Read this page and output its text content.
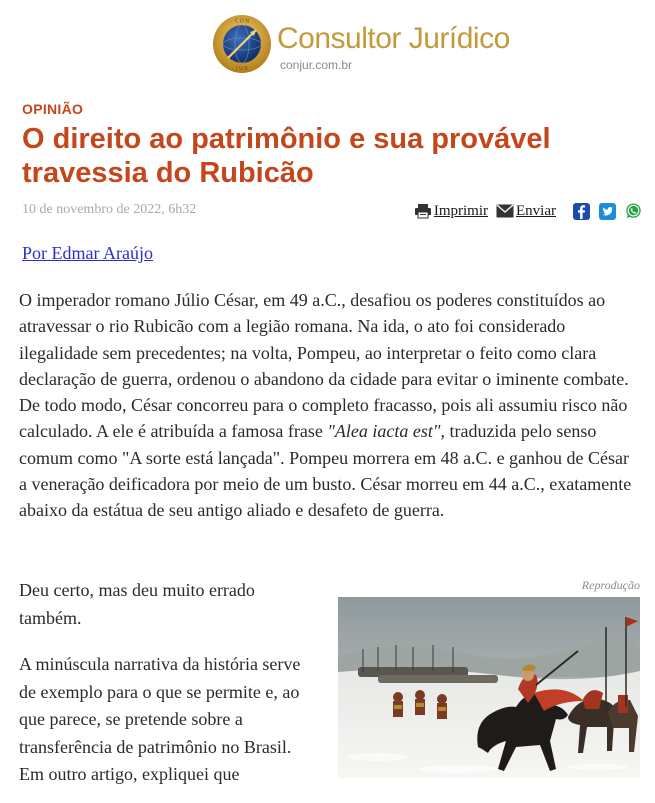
C O N
J U R
Consultor Jurídico
conjur.com.br
OPINIÃO
O direito ao patrimônio e sua provável travessia do Rubicão
10 de novembro de 2022, 6h32	Imprimir Enviar
Por Edmar Araújo

O imperador romano Júlio César, em 49 a.C., desafiou os poderes constituídos ao atravessar o rio Rubicão com a legião romana. Na ida, o ato foi considerado ilegalidade sem precedentes; na volta, Pompeu, ao interpretar o feito como clara declaração de guerra, ordenou o abandono da cidade para evitar o iminente combate. De todo modo, César concorreu para o completo fracasso, pois ali assumiu risco não calculado. A ele é atribuída a famosa frase "Alea iacta est", traduzida pelo senso comum como "A sorte está lançada". Pompeu morrera em 48 a.C. e ganhou de César a veneração deificadora por meio de um busto. César morreu em 44 a.C., exatamente abaixo da estátua de seu antigo aliado e desafeto de guerra.

Deu certo, mas deu muito errado também.

A minúscula narrativa da história serve de exemplo para o que se permite e, ao que parece, se pretende sobre a transferência de patrimônio no Brasil. Em outro artigo, expliquei que

Reprodução
